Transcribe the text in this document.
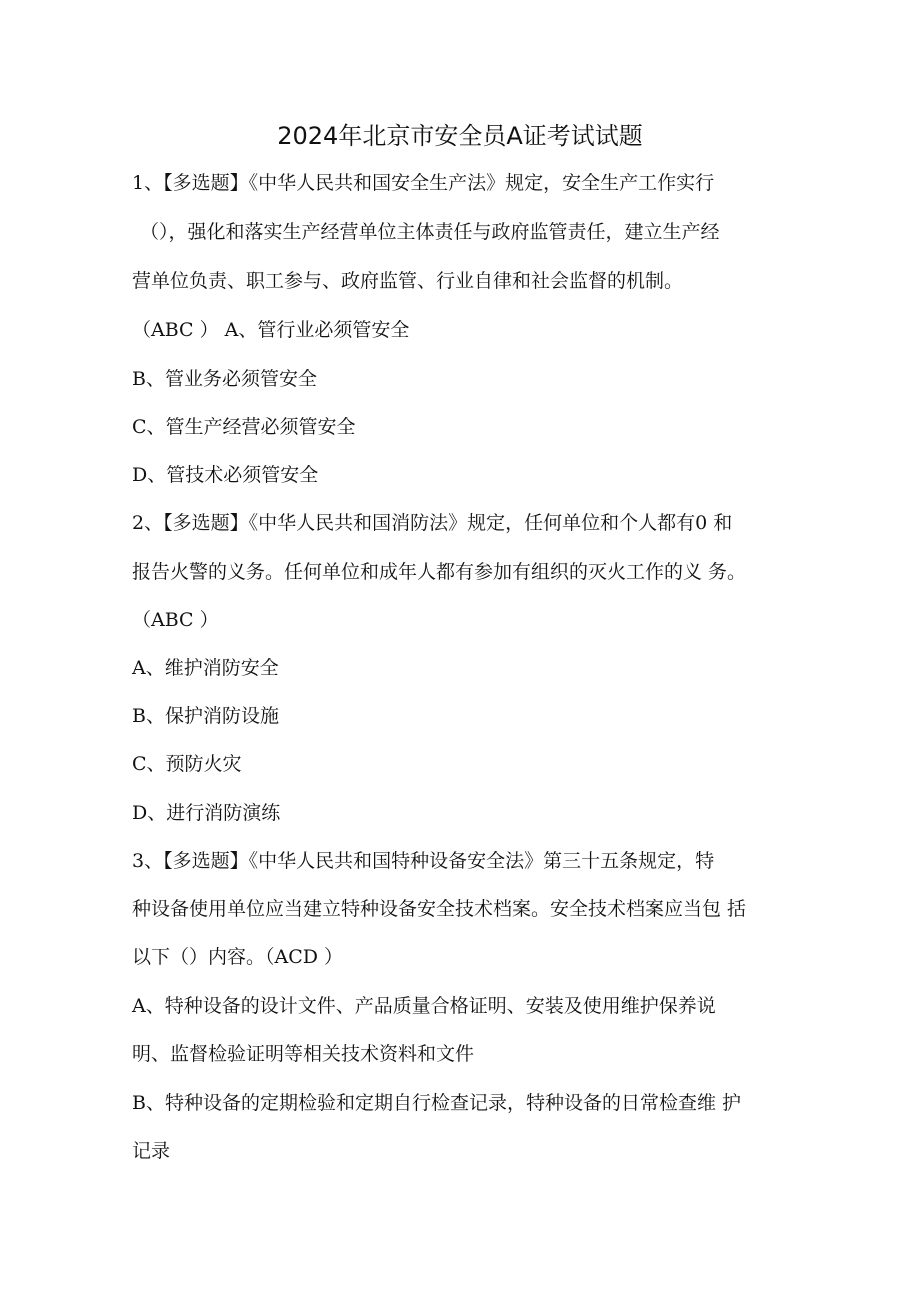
2024年北京市安全员A证考试试题

1、【多选题】《中华人民共和国安全生产法》规定，安全生产工作实行

（），强化和落实生产经营单位主体责任与政府监管责任，建立生产经

营单位负责、职工参与、政府监管、行业自律和社会监督的机制。

（ABC ） A、管行业必须管安全

B、管业务必须管安全

C、管生产经营必须管安全

D、管技术必须管安全

2、【多选题】《中华人民共和国消防法》规定，任何单位和个人都有0 和

报告火警的义务。任何单位和成年人都有参加有组织的灭火工作的义 务。

（ABC ）

A、维护消防安全

B、保护消防设施

C、预防火灾

D、进行消防演练

3、【多选题】《中华人民共和国特种设备安全法》第三十五条规定，特

种设备使用单位应当建立特种设备安全技术档案。安全技术档案应当包 括

以下（）内容。（ACD ）

A、特种设备的设计文件、产品质量合格证明、安装及使用维护保养说

明、监督检验证明等相关技术资料和文件

B、特种设备的定期检验和定期自行检查记录，特种设备的日常检查维 护

记录
